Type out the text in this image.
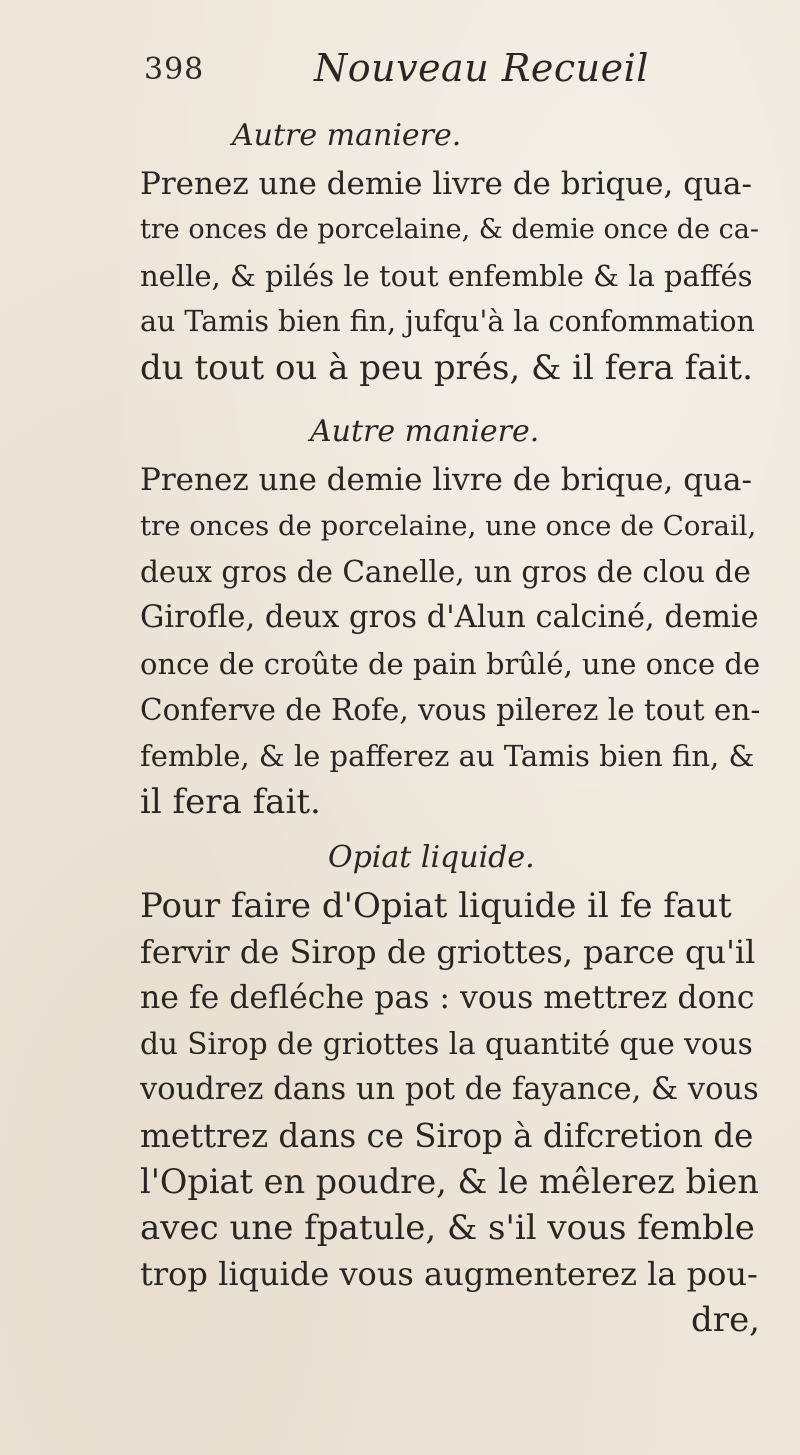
398	Nouveau Recueil
Autre maniere.
Prenez une demie livre de brique, qua-
tre onces de porcelaine, & demie once de ca-
nelle, & pilés le tout enfemble & la paffés
au Tamis bien fin, jufqu'à la confommation
du tout ou à peu prés, & il fera fait.
Autre maniere.
Prenez une demie livre de brique, qua-
tre onces de porcelaine, une once de Corail,
deux gros de Canelle, un gros de clou de
Girofle, deux gros d'Alun calciné, demie
once de croûte de pain brûlé, une once de
Conferve de Rofe, vous pilerez le tout en-
femble, & le pafferez au Tamis bien fin, &
il fera fait.
Opiat liquide.
Pour faire d'Opiat liquide il fe faut
fervir de Sirop de griottes, parce qu'il
ne fe defléche pas : vous mettrez donc
du Sirop de griottes la quantité que vous
voudrez dans un pot de fayance, & vous
mettrez dans ce Sirop à difcretion de
l'Opiat en poudre, & le mêlerez bien
avec une fpatule, & s'il vous femble
trop liquide vous augmenterez la pou-
dre,
